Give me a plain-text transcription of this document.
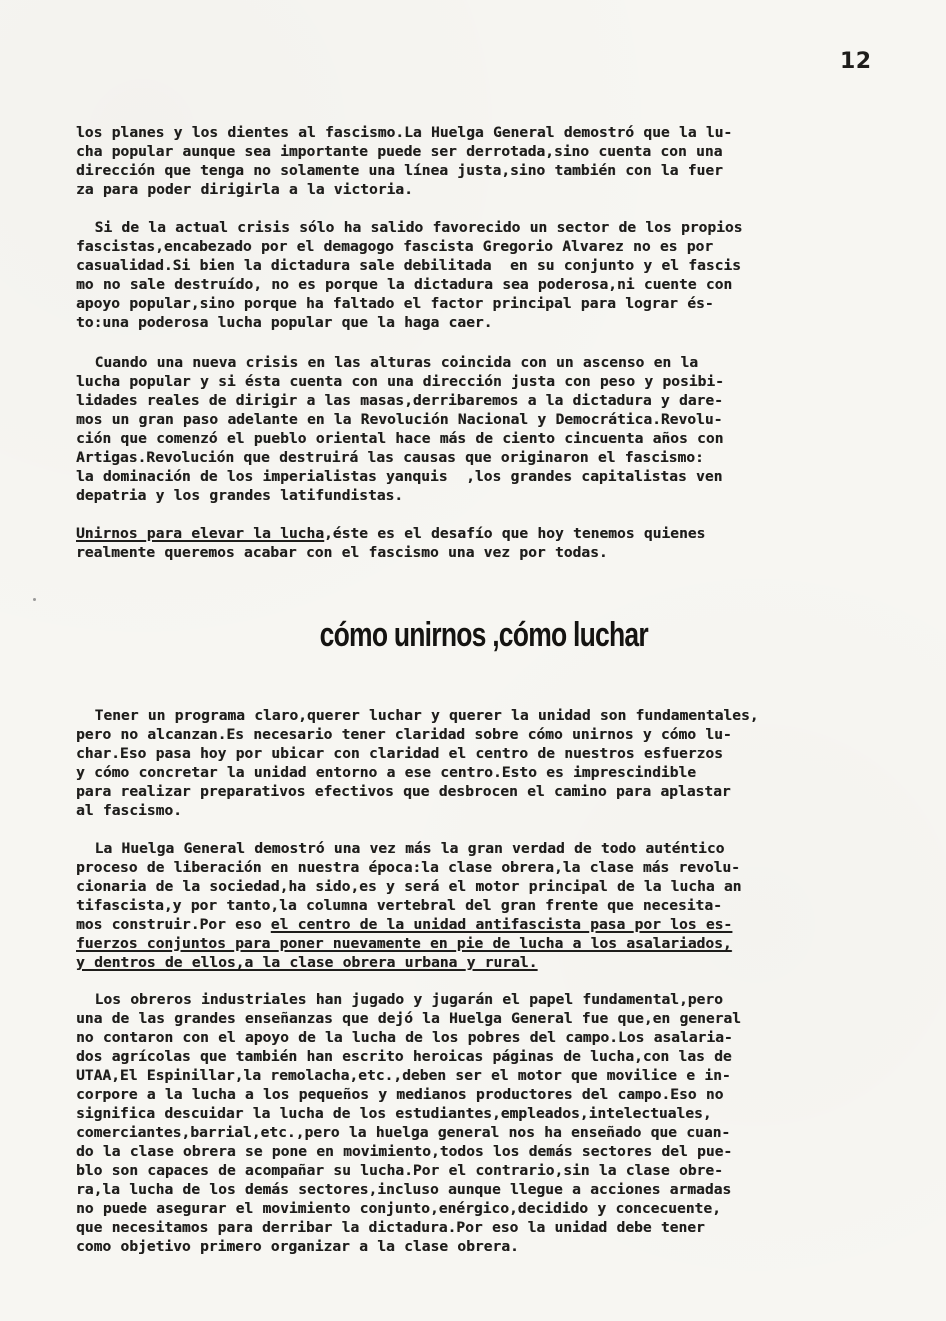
12

los planes y los dientes al fascismo.La Huelga General demostró que la lu-
cha popular aunque sea importante puede ser derrotada,sino cuenta con una
dirección que tenga no solamente una línea justa,sino también con la fuer
za para poder dirigirla a la victoria.

Si de la actual crisis sólo ha salido favorecido un sector de los propios
fascistas,encabezado por el demagogo fascista Gregorio Alvarez no es por
casualidad.Si bien la dictadura sale debilitada  en su conjunto y el fascis
mo no sale destruído, no es porque la dictadura sea poderosa,ni cuente con
apoyo popular,sino porque ha faltado el factor principal para lograr és-
to:una poderosa lucha popular que la haga caer.

Cuando una nueva crisis en las alturas coincida con un ascenso en la
lucha popular y si ésta cuenta con una dirección justa con peso y posibi-
lidades reales de dirigir a las masas,derribaremos a la dictadura y dare-
mos un gran paso adelante en la Revolución Nacional y Democrática.Revolu-
ción que comenzó el pueblo oriental hace más de ciento cincuenta años con
Artigas.Revolución que destruirá las causas que originaron el fascismo:
la dominación de los imperialistas yanquis  ,los grandes capitalistas ven
depatria y los grandes latifundistas.

Unirnos para elevar la lucha,éste es el desafío que hoy tenemos quienes
realmente queremos acabar con el fascismo una vez por todas.

cómo unirnos ,cómo luchar

Tener un programa claro,querer luchar y querer la unidad son fundamentales,
pero no alcanzan.Es necesario tener claridad sobre cómo unirnos y cómo lu-
char.Eso pasa hoy por ubicar con claridad el centro de nuestros esfuerzos
y cómo concretar la unidad entorno a ese centro.Esto es imprescindible
para realizar preparativos efectivos que desbrocen el camino para aplastar
al fascismo.

La Huelga General demostró una vez más la gran verdad de todo auténtico
proceso de liberación en nuestra época:la clase obrera,la clase más revolu-
cionaria de la sociedad,ha sido,es y será el motor principal de la lucha an
tifascista,y por tanto,la columna vertebral del gran frente que necesita-
mos construir.Por eso el centro de la unidad antifascista pasa por los es-
fuerzos conjuntos para poner nuevamente en pie de lucha a los asalariados,
y dentros de ellos,a la clase obrera urbana y rural.

Los obreros industriales han jugado y jugarán el papel fundamental,pero
una de las grandes enseñanzas que dejó la Huelga General fue que,en general
no contaron con el apoyo de la lucha de los pobres del campo.Los asalaria-
dos agrícolas que también han escrito heroicas páginas de lucha,con las de
UTAA,El Espinillar,la remolacha,etc.,deben ser el motor que movilice e in-
corpore a la lucha a los pequeños y medianos productores del campo.Eso no
significa descuidar la lucha de los estudiantes,empleados,intelectuales,
comerciantes,barrial,etc.,pero la huelga general nos ha enseñado que cuan-
do la clase obrera se pone en movimiento,todos los demás sectores del pue-
blo son capaces de acompañar su lucha.Por el contrario,sin la clase obre-
ra,la lucha de los demás sectores,incluso aunque llegue a acciones armadas
no puede asegurar el movimiento conjunto,enérgico,decidido y concecuente,
que necesitamos para derribar la dictadura.Por eso la unidad debe tener
como objetivo primero organizar a la clase obrera.
